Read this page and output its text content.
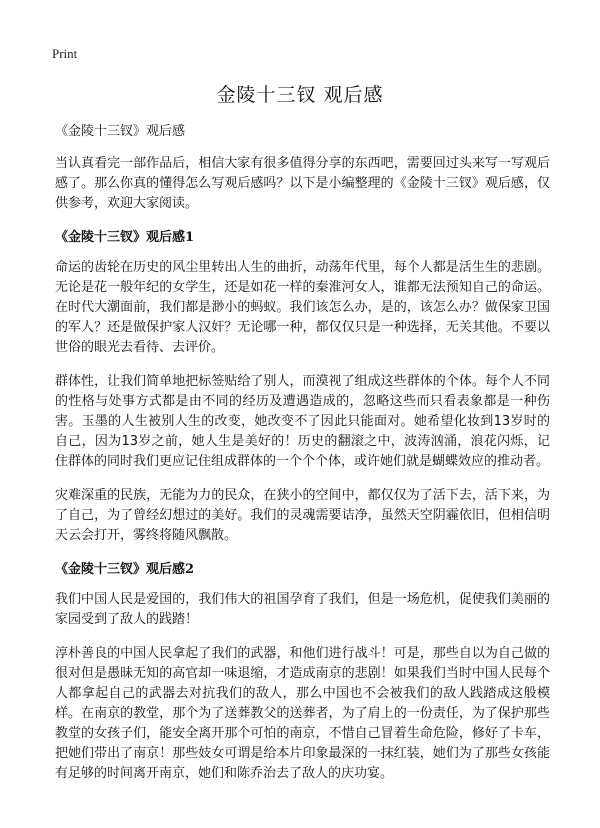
Print
金陵十三钗 观后感

《金陵十三钗》观后感

当认真看完一部作品后，相信大家有很多值得分享的东西吧，需要回过头来写一写观后感了。那么你真的懂得怎么写观后感吗？以下是小编整理的《金陵十三钗》观后感，仅供参考，欢迎大家阅读。

《金陵十三钗》观后感1

命运的齿轮在历史的风尘里转出人生的曲折，动荡年代里，每个人都是活生生的悲剧。无论是花一般年纪的女学生，还是如花一样的秦淮河女人，谁都无法预知自己的命运。在时代大潮面前，我们都是渺小的蚂蚁。我们该怎么办，是的，该怎么办？做保家卫国的军人？还是做保护家人汉奸？无论哪一种，都仅仅只是一种选择，无关其他。不要以世俗的眼光去看待、去评价。

群体性，让我们简单地把标签贴给了别人，而漠视了组成这些群体的个体。每个人不同的性格与处事方式都是由不同的经历及遭遇造成的，忽略这些而只看表象都是一种伤害。玉墨的人生被别人生的改变，她改变不了因此只能面对。她希望化妆到13岁时的自己，因为13岁之前，她人生是美好的！历史的翻滚之中，波涛汹涌，浪花闪烁，记住群体的同时我们更应记住组成群体的一个个个体，或许她们就是蝴蝶效应的推动者。

灾难深重的民族，无能为力的民众，在狭小的空间中，都仅仅为了活下去，活下来，为了自己，为了曾经幻想过的美好。我们的灵魂需要诘净，虽然天空阴霾依旧，但相信明天云会打开，雾终将随风飘散。

《金陵十三钗》观后感2

我们中国人民是爱国的，我们伟大的祖国孕育了我们，但是一场危机，促使我们美丽的家园受到了敌人的践踏！

淳朴善良的中国人民拿起了我们的武器，和他们进行战斗！可是，那些自以为自己做的很对但是愚昧无知的高官却一味退缩，才造成南京的悲剧！如果我们当时中国人民每个人都拿起自己的武器去对抗我们的敌人，那么中国也不会被我们的敌人践踏成这般模样。在南京的教堂，那个为了送葬教父的送葬者，为了肩上的一份责任，为了保护那些教堂的女孩子们，能安全离开那个可怕的南京，不惜自己冒着生命危险，修好了卡车，把她们带出了南京！那些妓女可谓是给本片印象最深的一抹红装，她们为了那些女孩能有足够的时间离开南京，她们和陈乔治去了敌人的庆功宴。
